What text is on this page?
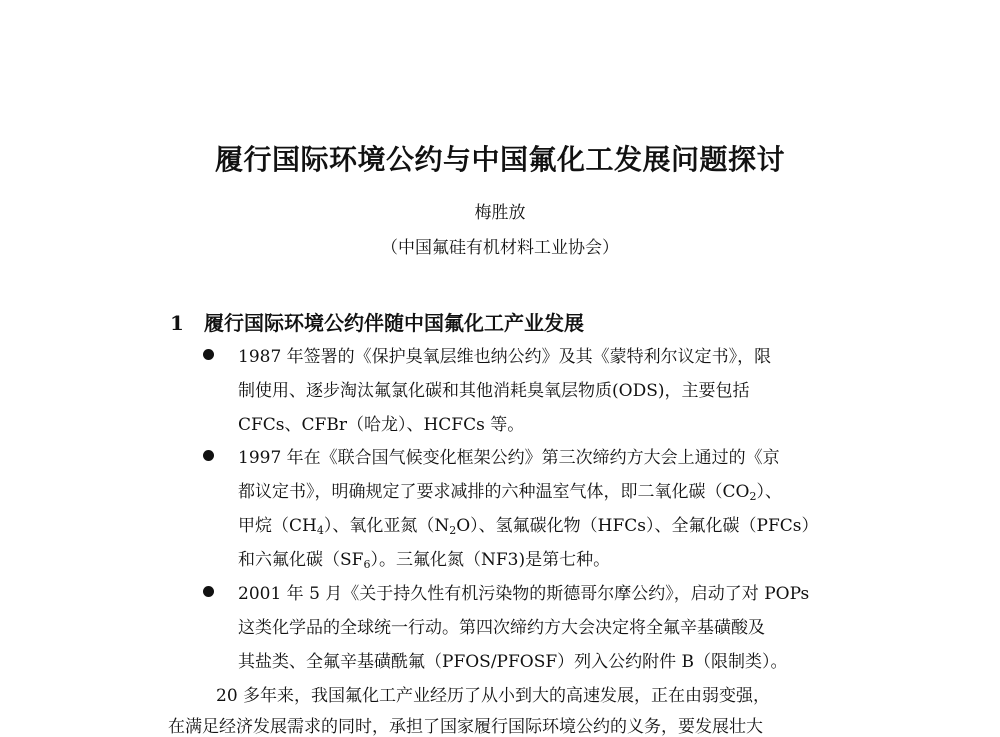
履行国际环境公约与中国氟化工发展问题探讨
梅胜放
（中国氟硅有机材料工业协会）
1 履行国际环境公约伴随中国氟化工产业发展
1987 年签署的《保护臭氧层维也纳公约》及其《蒙特利尔议定书》，限
制使用、逐步淘汰氟氯化碳和其他消耗臭氧层物质(ODS)，主要包括
CFCs、CFBr（哈龙）、HCFCs 等。
1997 年在《联合国气候变化框架公约》第三次缔约方大会上通过的《京
都议定书》，明确规定了要求减排的六种温室气体，即二氧化碳$(CO_2)$、
甲烷$(CH_4)$、氧化亚氮$(N_2O)$、氢氟碳化物（HFCs）、全氟化碳（PFCs）
和六氟化碳$(SF_6)$。三氟化氮（NF3)是第七种。
2001 年 5 月《关于持久性有机污染物的斯德哥尔摩公约》，启动了对 POPs
这类化学品的全球统一行动。第四次缔约方大会决定将全氟辛基磺酸及
其盐类、全氟辛基磺酰氟（PFOS/PFOSF）列入公约附件 B（限制类）。
20 多年来，我国氟化工产业经历了从小到大的高速发展，正在由弱变强，
在满足经济发展需求的同时，承担了国家履行国际环境公约的义务，要发展壮大
